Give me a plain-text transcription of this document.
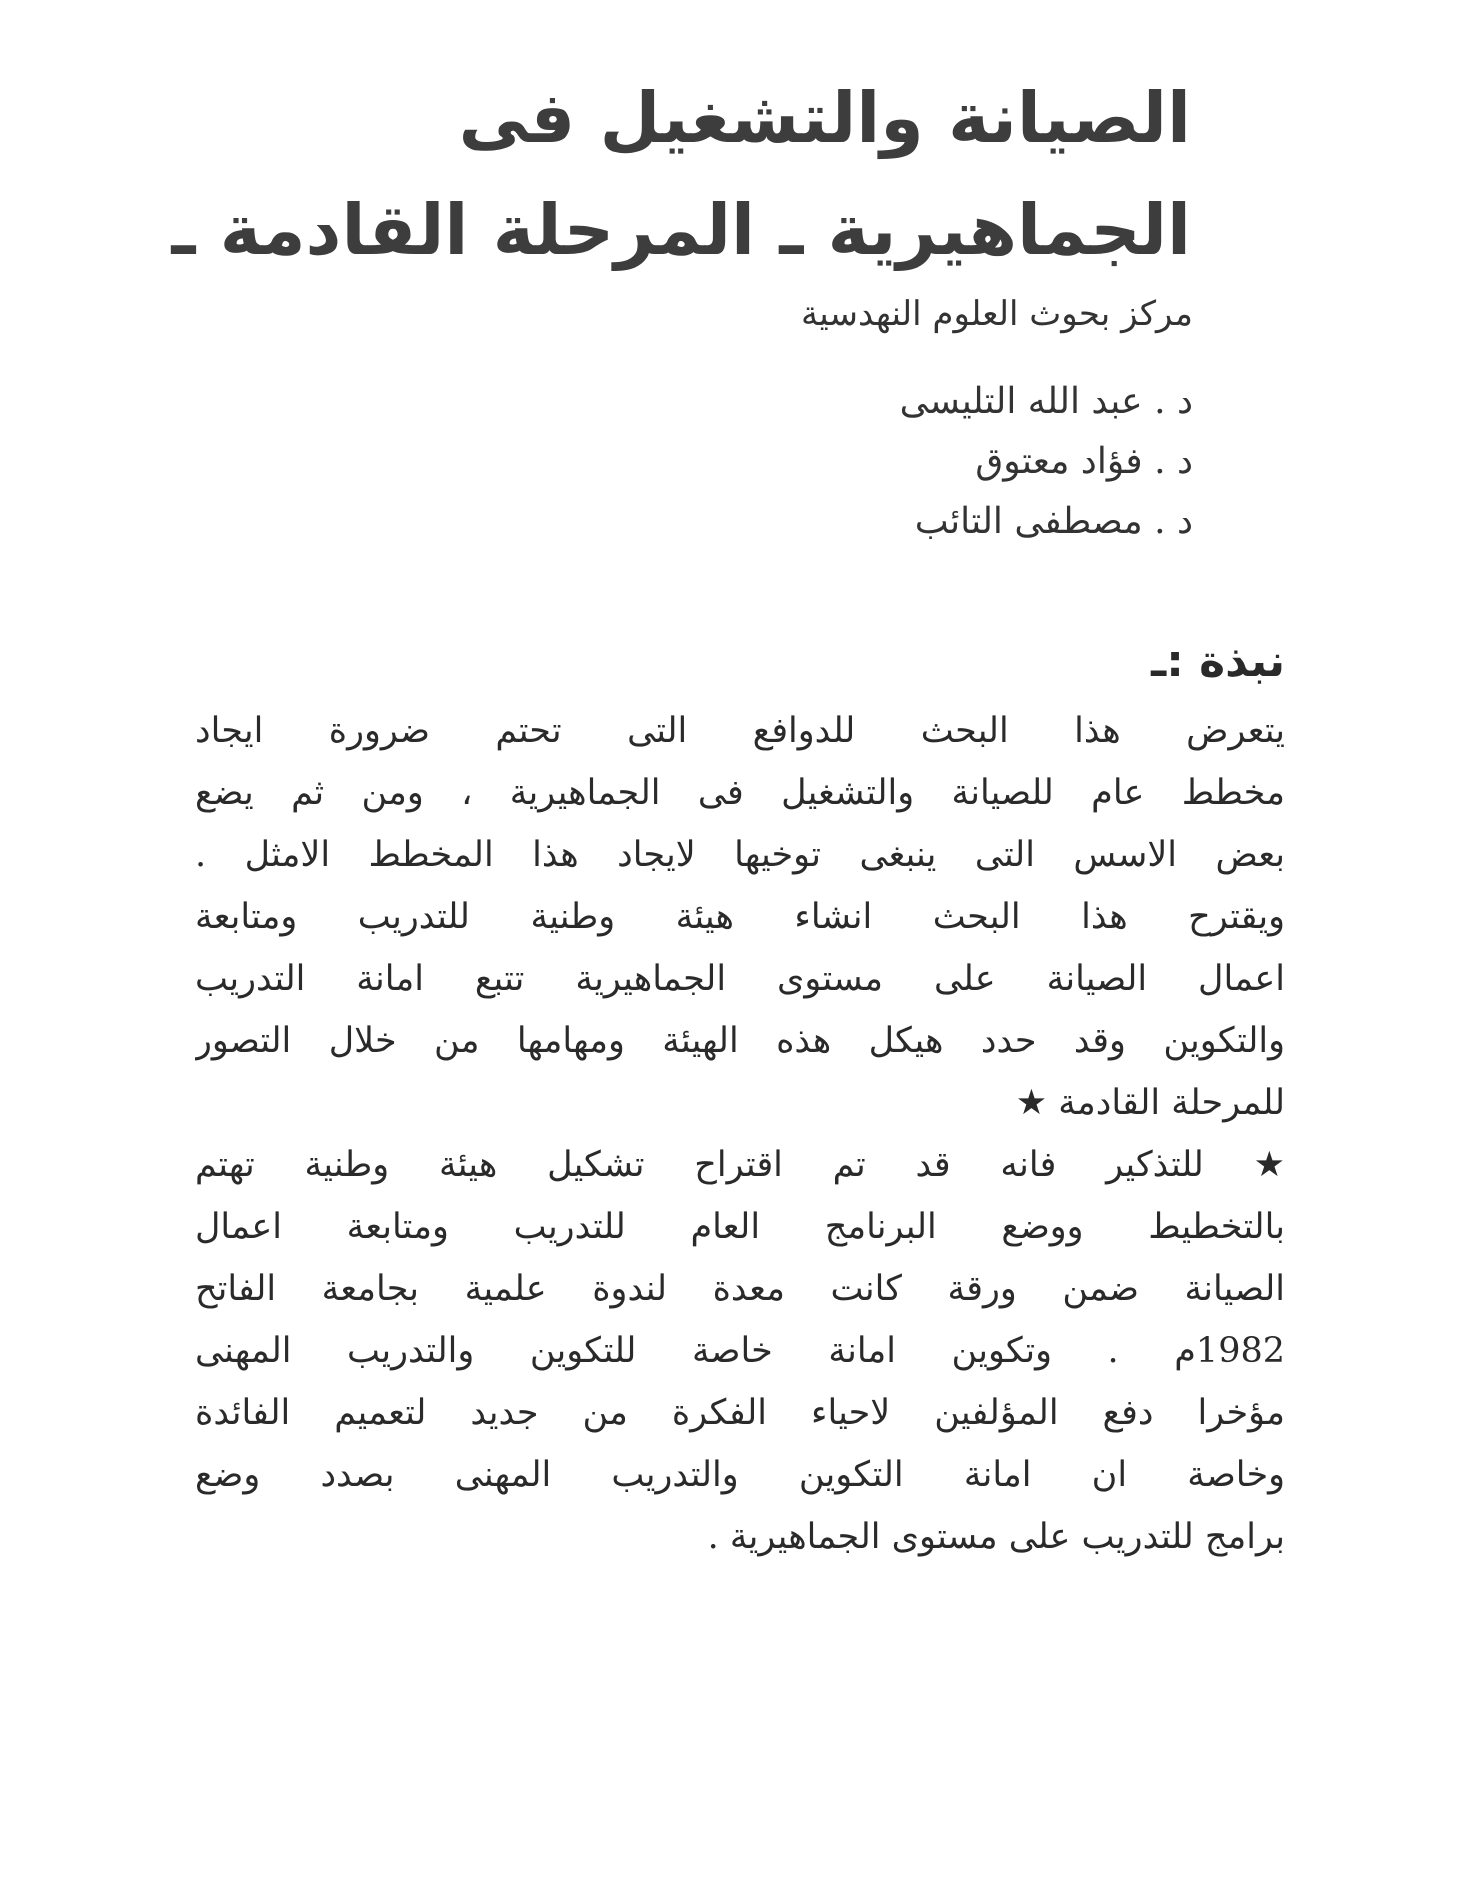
الصيانة والتشغيل فى
الجماهيرية ـ المرحلة القادمة ـ

مركز بحوث العلوم النهدسية

د . عبد الله التليسى
د . فؤاد معتوق
د . مصطفى التائب
نبذة :ـ
يتعرض هذا البحث للدوافع التى تحتم ضرورة ايجاد
مخطط عام للصيانة والتشغيل فى الجماهيرية ، ومن ثم يضع
بعض الاسس التى ينبغى توخيها لايجاد هذا المخطط الامثل .
ويقترح هذا البحث انشاء هيئة وطنية للتدريب ومتابعة
اعمال الصيانة على مستوى الجماهيرية تتبع امانة التدريب
والتكوين وقد حدد هيكل هذه الهيئة ومهامها من خلال التصور
للمرحلة القادمة ★
★ للتذكير فانه قد تم اقتراح تشكيل هيئة وطنية تهتم
بالتخطيط ووضع البرنامج العام للتدريب ومتابعة اعمال
الصيانة ضمن ورقة كانت معدة لندوة علمية بجامعة الفاتح
1982م . وتكوين امانة خاصة للتكوين والتدريب المهنى
مؤخرا دفع المؤلفين لاحياء الفكرة من جديد لتعميم الفائدة
وخاصة ان امانة التكوين والتدريب المهنى بصدد وضع
برامج للتدريب على مستوى الجماهيرية .
